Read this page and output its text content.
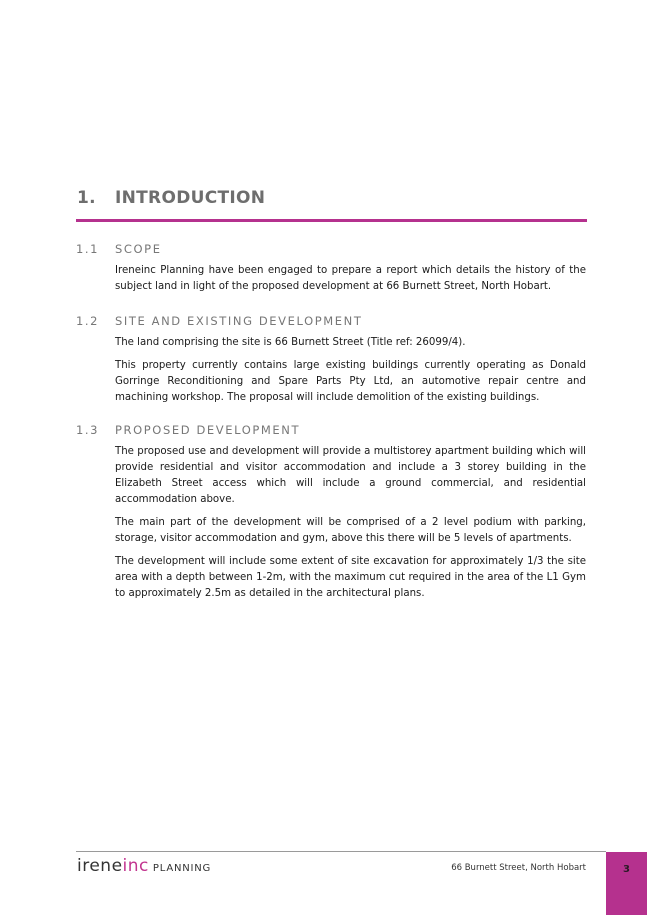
1.	INTRODUCTION
1.1	SCOPE

Ireneinc Planning have been engaged to prepare a report which details the history of the subject land in light of the proposed development at 66 Burnett Street, North Hobart.

1.2	SITE AND EXISTING DEVELOPMENT

The land comprising the site is 66 Burnett Street (Title ref: 26099/4).

This property currently contains large existing buildings currently operating as Donald Gorringe Reconditioning and Spare Parts Pty Ltd, an automotive repair centre and machining workshop. The proposal will include demolition of the existing buildings.

1.3	PROPOSED DEVELOPMENT

The proposed use and development will provide a multistorey apartment building which will provide residential and visitor accommodation and include a 3 storey building in the Elizabeth Street access which will include a ground commercial, and residential accommodation above.

The main part of the development will be comprised of a 2 level podium with parking, storage, visitor accommodation and gym, above this there will be 5 levels of apartments.

The development will include some extent of site excavation for approximately 1/3 the site area with a depth between 1-2m, with the maximum cut required in the area of the L1 Gym to approximately 2.5m as detailed in the architectural plans.

ireneinc PLANNING	66 Burnett Street, North Hobart	3
